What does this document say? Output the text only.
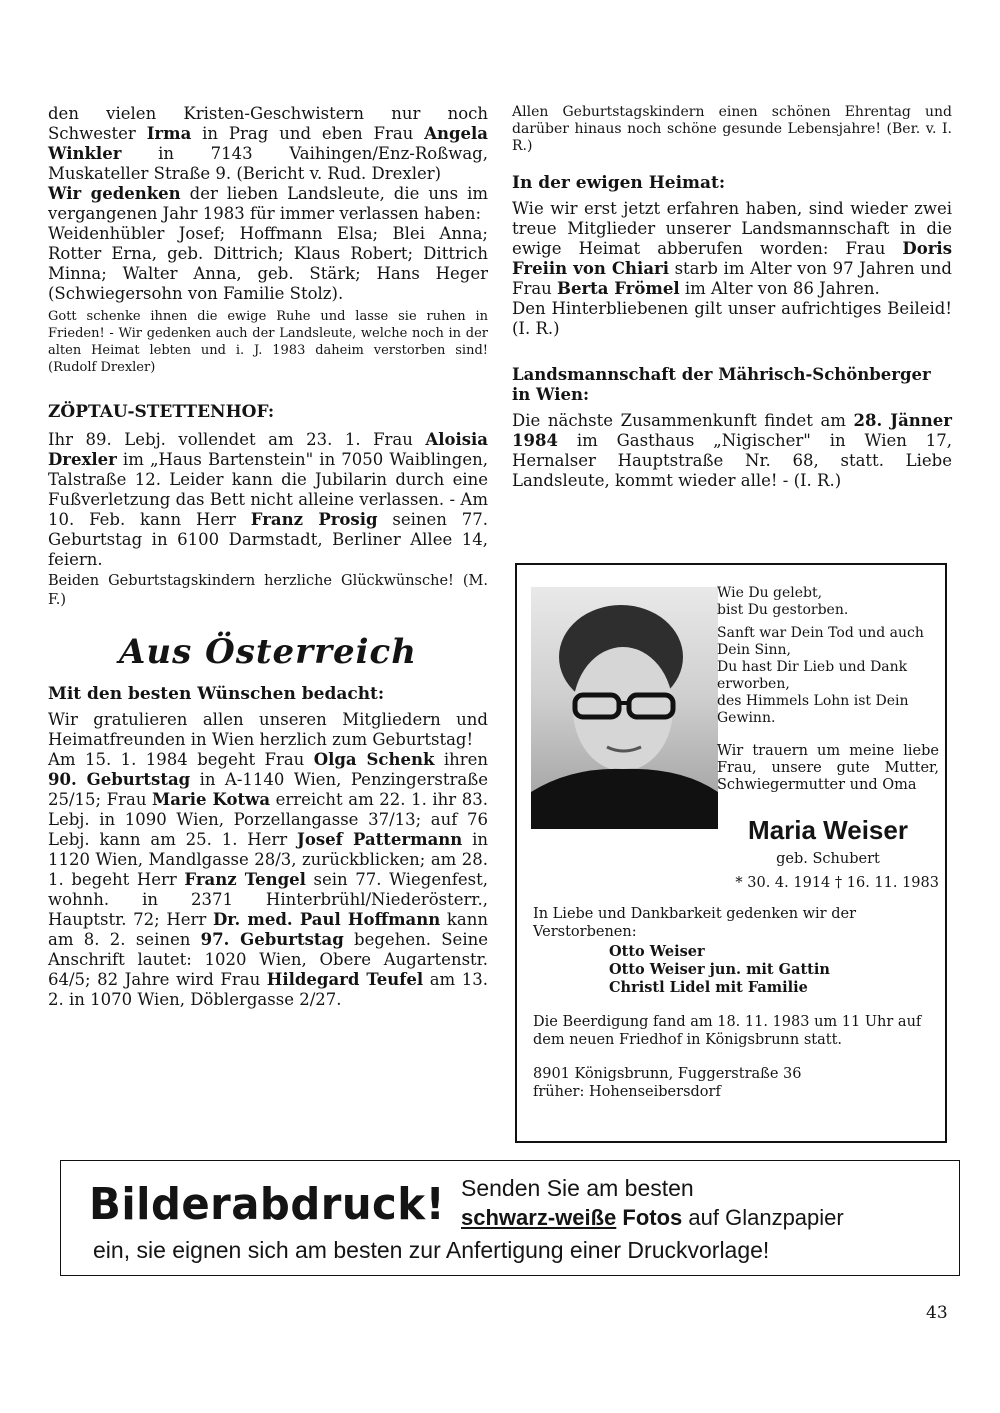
den vielen Kristen-Geschwistern nur noch Schwester Irma in Prag und eben Frau Angela Winkler in 7143 Vaihingen/Enz-Roßwag, Muskateller Straße 9. (Bericht v. Rud. Drexler)

Wir gedenken der lieben Landsleute, die uns im vergangenen Jahr 1983 für immer verlassen haben:

Weidenhübler Josef; Hoffmann Elsa; Blei Anna; Rotter Erna, geb. Dittrich; Klaus Robert; Dittrich Minna; Walter Anna, geb. Stärk; Hans Heger (Schwiegersohn von Familie Stolz).

Gott schenke ihnen die ewige Ruhe und lasse sie ruhen in Frieden! - Wir gedenken auch der Landsleute, welche noch in der alten Heimat lebten und i. J. 1983 daheim verstorben sind! (Rudolf Drexler)

ZÖPTAU-STETTENHOF:

Ihr 89. Lebj. vollendet am 23. 1. Frau Aloisia Drexler im „Haus Bartenstein" in 7050 Waiblingen, Talstraße 12. Leider kann die Jubilarin durch eine Fußverletzung das Bett nicht alleine verlassen. - Am 10. Feb. kann Herr Franz Prosig seinen 77. Geburtstag in 6100 Darmstadt, Berliner Allee 14, feiern.

Beiden Geburtstagskindern herzliche Glückwünsche! (M. F.)

Aus Österreich

Mit den besten Wünschen bedacht:

Wir gratulieren allen unseren Mitgliedern und Heimatfreunden in Wien herzlich zum Geburtstag!

Am 15. 1. 1984 begeht Frau Olga Schenk ihren 90. Geburtstag in A-1140 Wien, Penzingerstraße 25/15; Frau Marie Kotwa erreicht am 22. 1. ihr 83. Lebj. in 1090 Wien, Porzellangasse 37/13; auf 76 Lebj. kann am 25. 1. Herr Josef Pattermann in 1120 Wien, Mandlgasse 28/3, zurückblicken; am 28. 1. begeht Herr Franz Tengel sein 77. Wiegenfest, wohnh. in 2371 Hinterbrühl/Niederösterr., Hauptstr. 72; Herr Dr. med. Paul Hoffmann kann am 8. 2. seinen 97. Geburtstag begehen. Seine Anschrift lautet: 1020 Wien, Obere Augartenstr. 64/5; 82 Jahre wird Frau Hildegard Teufel am 13. 2. in 1070 Wien, Döblergasse 2/27.

Allen Geburtstagskindern einen schönen Ehrentag und darüber hinaus noch schöne gesunde Lebensjahre! (Ber. v. I. R.)

In der ewigen Heimat:

Wie wir erst jetzt erfahren haben, sind wieder zwei treue Mitglieder unserer Landsmannschaft in die ewige Heimat abberufen worden: Frau Doris Freiin von Chiari starb im Alter von 97 Jahren und Frau Berta Frömel im Alter von 86 Jahren.

Den Hinterbliebenen gilt unser aufrichtiges Beileid! (I. R.)

Landsmannschaft der Mährisch-Schönberger in Wien:

Die nächste Zusammenkunft findet am 28. Jänner 1984 im Gasthaus „Nigischer" in Wien 17, Hernalser Hauptstraße Nr. 68, statt. Liebe Landsleute, kommt wieder alle! - (I. R.)

Wie Du gelebt,

bist Du gestorben.

Sanft war Dein Tod und auch Dein Sinn,

Du hast Dir Lieb und Dank erworben,

des Himmels Lohn ist Dein Gewinn.

Wir trauern um meine liebe Frau, unsere gute Mutter, Schwiegermutter und Oma

Maria Weiser

geb. Schubert

* 30. 4. 1914 † 16. 11. 1983

In Liebe und Dankbarkeit gedenken wir der Verstorbenen:

Otto Weiser

Otto Weiser jun. mit Gattin

Christl Lidel mit Familie

Die Beerdigung fand am 18. 11. 1983 um 11 Uhr auf dem neuen Friedhof in Königsbrunn statt.

8901 Königsbrunn, Fuggerstraße 36

früher: Hohenseibersdorf

Bilderabdruck! Senden Sie am besten

schwarz-weiße Fotos auf Glanzpapier

ein, sie eignen sich am besten zur Anfertigung einer Druckvorlage!

43
